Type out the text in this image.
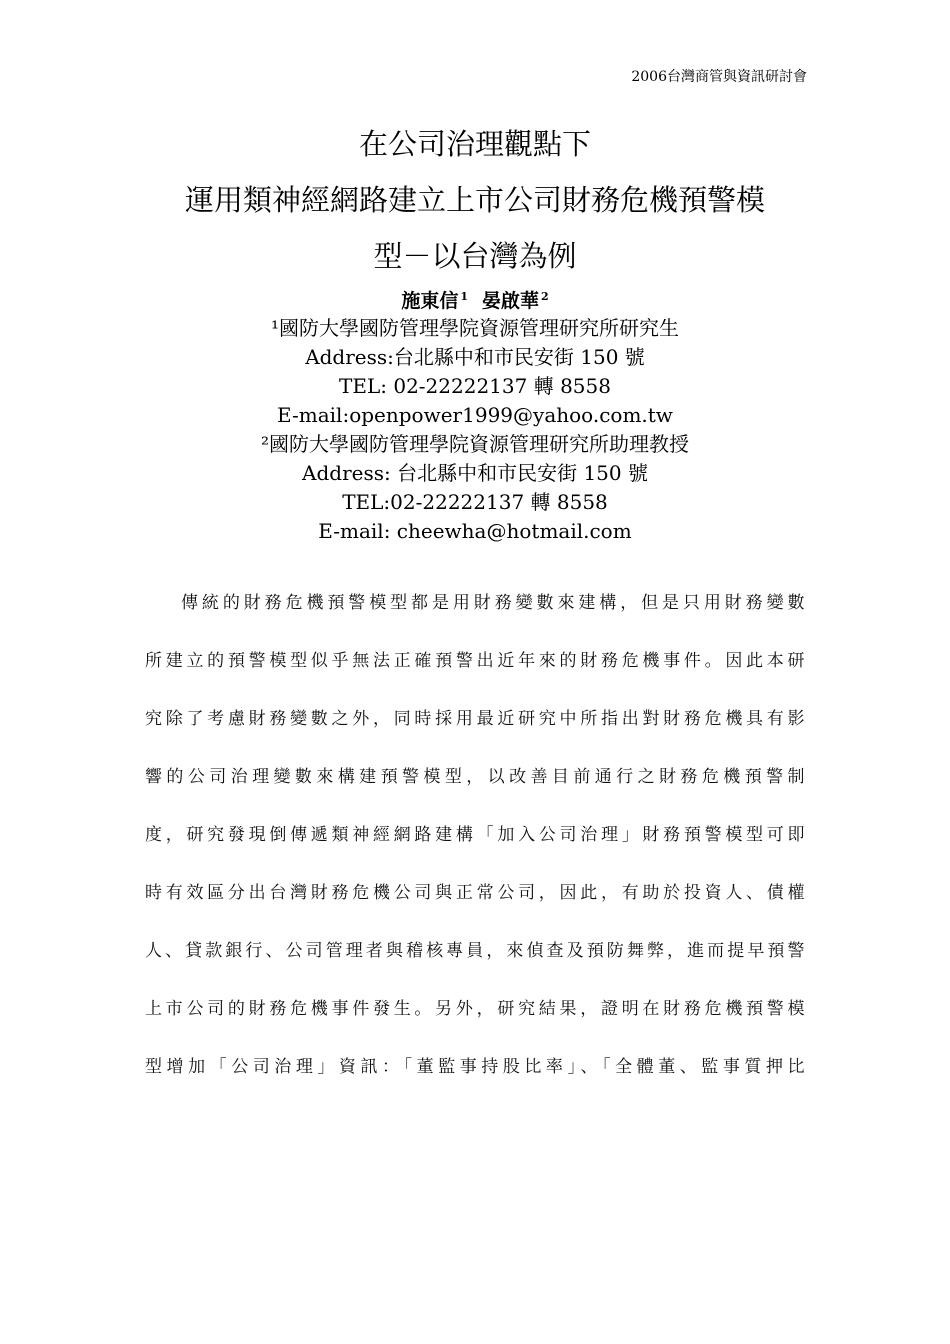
2006台灣商管與資訊研討會
在公司治理觀點下
運用類神經網路建立上市公司財務危機預警模
型－以台灣為例
施東信 $^1$ 晏啟華 $^2$
¹國防大學國防管理學院資源管理研究所研究生
Address:台北縣中和市民安街 150 號
TEL: 02-22222137 轉 8558
E-mail:openpower1999@yahoo.com.tw
²國防大學國防管理學院資源管理研究所助理教授
Address: 台北縣中和市民安街 150 號
TEL:02-22222137 轉 8558
E-mail: cheewha@hotmail.com
傳統的財務危機預警模型都是用財務變數來建構，但是只用財務變數
所建立的預警模型似乎無法正確預警出近年來的財務危機事件。因此本研
究除了考慮財務變數之外，同時採用最近研究中所指出對財務危機具有影
響的公司治理變數來構建預警模型，以改善目前通行之財務危機預警制
度，研究發現倒傳遞類神經網路建構「加入公司治理」財務預警模型可即
時有效區分出台灣財務危機公司與正常公司，因此，有助於投資人、債權
人、貸款銀行、公司管理者與稽核專員，來偵查及預防舞弊，進而提早預警
上市公司的財務危機事件發生。另外，研究結果，證明在財務危機預警模
型增加「公司治理」資訊：「董監事持股比率」、「全體董、監事質押比
